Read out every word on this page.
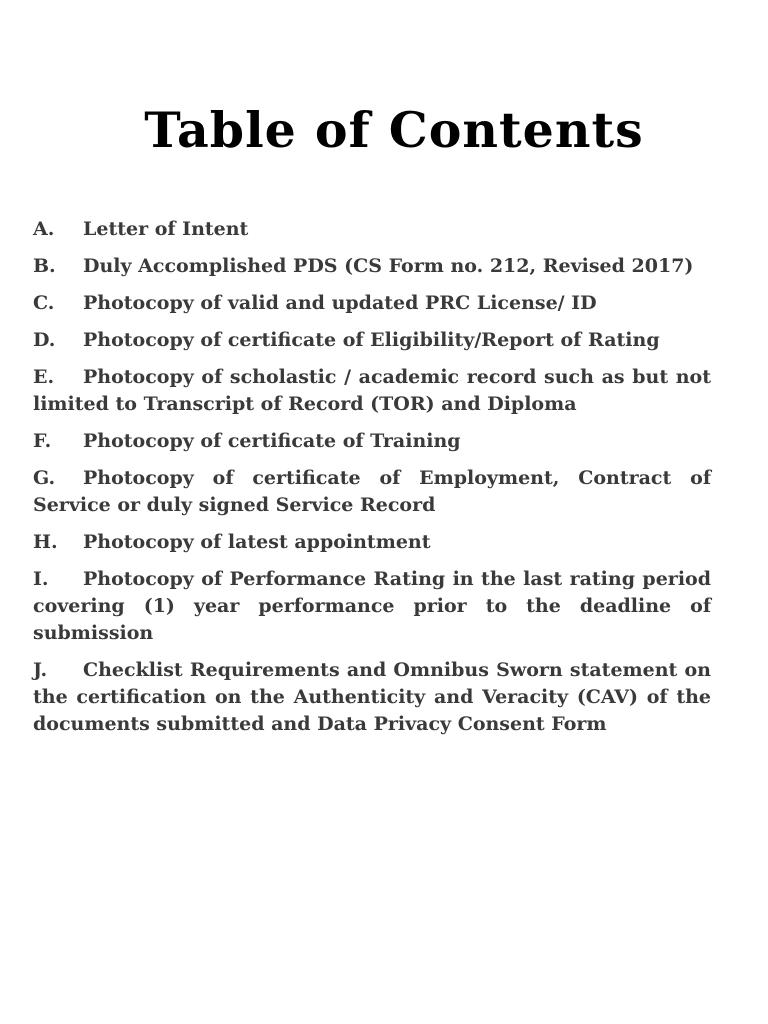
Table of Contents
A. Letter of Intent
B. Duly Accomplished PDS (CS Form no. 212, Revised 2017)
C. Photocopy of valid and updated PRC License/ ID
D. Photocopy of certificate of Eligibility/Report of Rating
E. Photocopy of scholastic / academic record such as but not limited to Transcript of Record (TOR) and Diploma
F. Photocopy of certificate of Training
G. Photocopy of certificate of Employment, Contract of Service or duly signed Service Record
H. Photocopy of latest appointment
I. Photocopy of Performance Rating in the last rating period covering (1) year performance prior to the deadline of submission
J. Checklist Requirements and Omnibus Sworn statement on the certification on the Authenticity and Veracity (CAV) of the documents submitted and Data Privacy Consent Form
